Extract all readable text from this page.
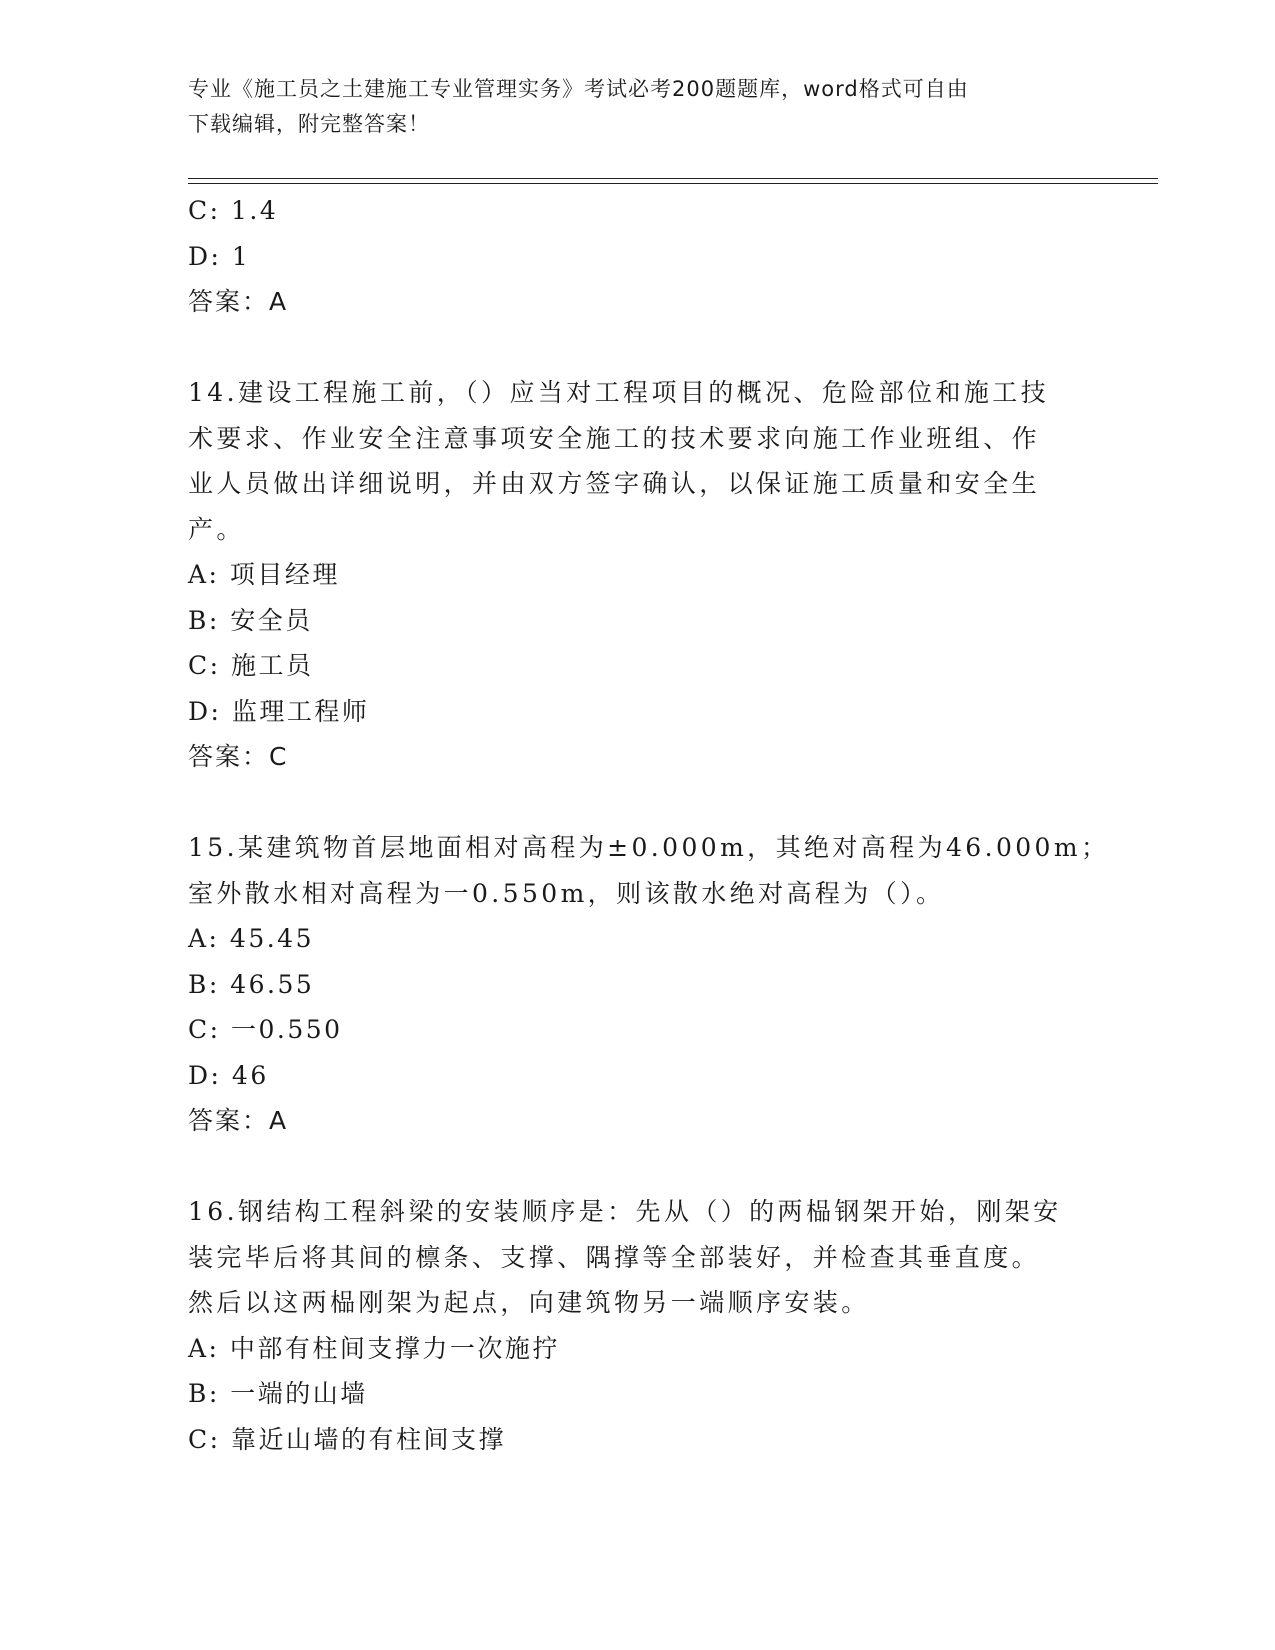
专业《施工员之土建施工专业管理实务》考试必考200题题库，word格式可自由
下载编辑，附完整答案！
C: 1.4
D: 1
答案：A
14.建设工程施工前，（）应当对工程项目的概况、危险部位和施工技
术要求、作业安全注意事项安全施工的技术要求向施工作业班组、作
业人员做出详细说明，并由双方签字确认，以保证施工质量和安全生
产。
A: 项目经理
B: 安全员
C: 施工员
D: 监理工程师
答案：C
15.某建筑物首层地面相对高程为±0.000m，其绝对高程为46.000m；
室外散水相对高程为一0.550m，则该散水绝对高程为（）。
A: 45.45
B: 46.55
C: 一0.550
D: 46
答案：A
16.钢结构工程斜梁的安装顺序是：先从（）的两榀钢架开始，刚架安
装完毕后将其间的檩条、支撑、隅撑等全部装好，并检查其垂直度。
然后以这两榀刚架为起点，向建筑物另一端顺序安装。
A: 中部有柱间支撑力一次施拧
B: 一端的山墙
C: 靠近山墙的有柱间支撑
